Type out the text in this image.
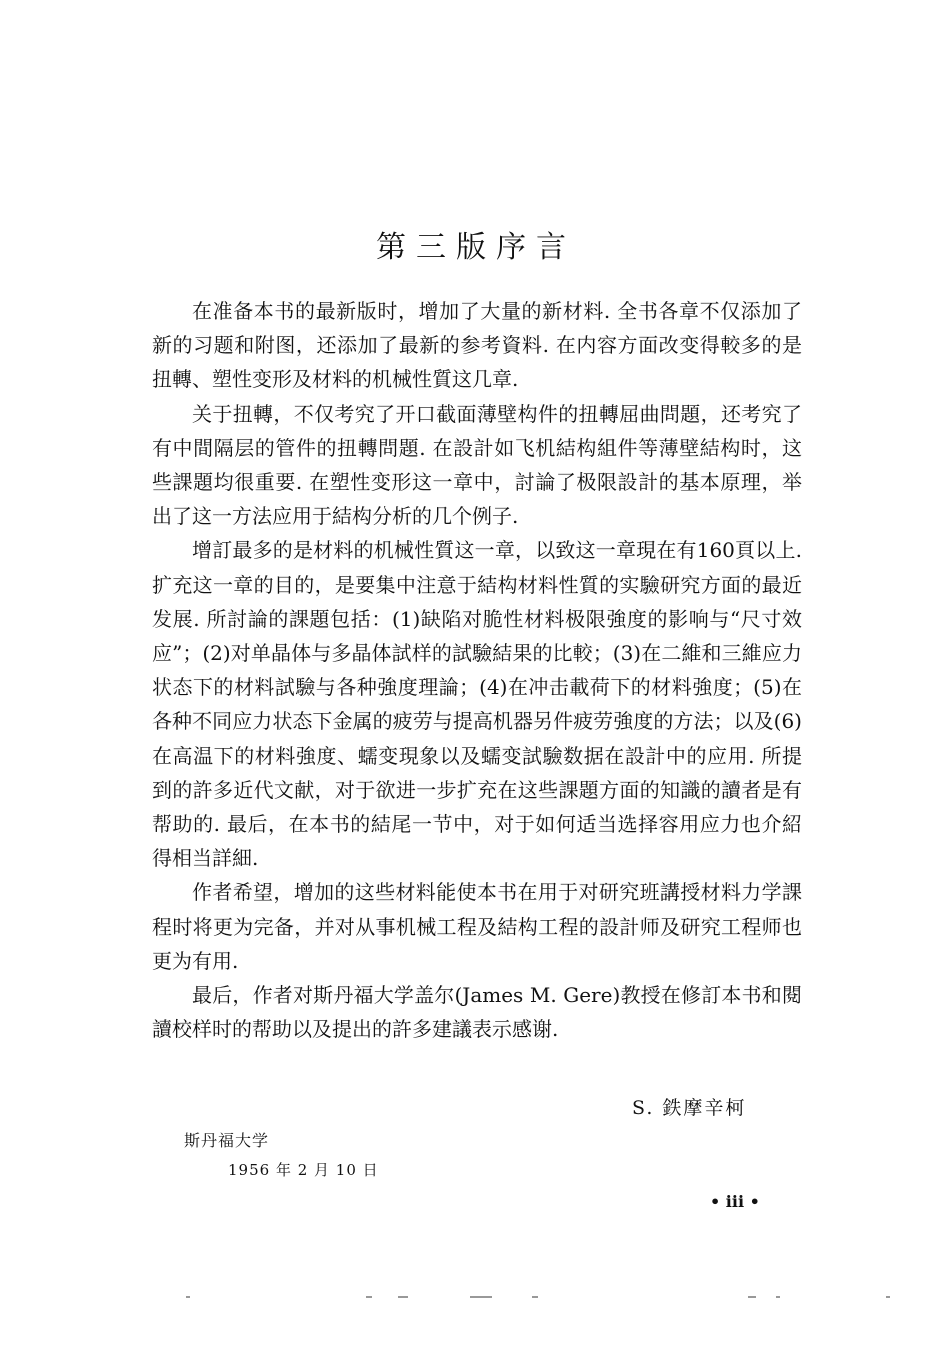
第三版序言

在准备本书的最新版时，增加了大量的新材料. 全书各章不仅添加了新的习题和附图，还添加了最新的参考資料. 在内容方面改变得較多的是扭轉、塑性变形及材料的机械性質这几章.

关于扭轉，不仅考究了开口截面薄壁构件的扭轉屈曲問題，还考究了有中間隔层的管件的扭轉問題. 在設計如飞机結构組件等薄壁結构时，这些課題均很重要. 在塑性变形这一章中，討論了极限設計的基本原理，举出了这一方法应用于結构分析的几个例子.

增訂最多的是材料的机械性質这一章，以致这一章現在有160頁以上. 扩充这一章的目的，是要集中注意于結构材料性質的实驗研究方面的最近发展. 所討論的課題包括：(1)缺陷对脆性材料极限強度的影响与“尺寸效应”；(2)对单晶体与多晶体試样的試驗結果的比較；(3)在二維和三維应力状态下的材料試驗与各种強度理論；(4)在冲击載荷下的材料強度；(5)在各种不同应力状态下金属的疲劳与提高机器另件疲劳強度的方法；以及(6)在高温下的材料強度、蠕变現象以及蠕变試驗数据在設計中的应用. 所提到的許多近代文献，对于欲进一步扩充在这些課題方面的知識的讀者是有帮助的. 最后，在本书的結尾一节中，对于如何适当选择容用应力也介紹得相当詳細.

作者希望，增加的这些材料能使本书在用于对研究班講授材料力学課程时将更为完备，并对从事机械工程及結构工程的設計师及研究工程师也更为有用.

最后，作者对斯丹福大学盖尔(James M. Gere)教授在修訂本书和閱讀校样时的帮助以及提出的許多建議表示感谢.

S. 鉄摩辛柯
斯丹福大学
1956 年 2 月 10 日
• iii •
